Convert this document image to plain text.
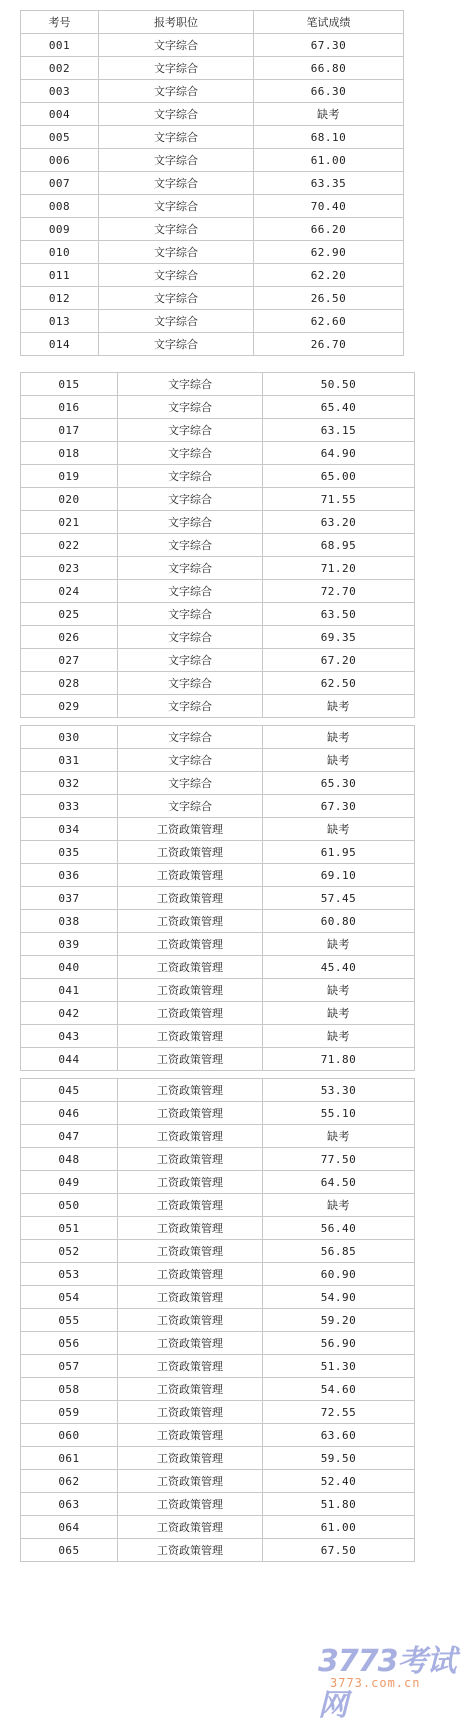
考号	报考职位	笔试成绩
001	文字综合	67.30
002	文字综合	66.80
003	文字综合	66.30
004	文字综合	缺考
005	文字综合	68.10
006	文字综合	61.00
007	文字综合	63.35
008	文字综合	70.40
009	文字综合	66.20
010	文字综合	62.90
011	文字综合	62.20
012	文字综合	26.50
013	文字综合	62.60
014	文字综合	26.70
015	文字综合	50.50
016	文字综合	65.40
017	文字综合	63.15
018	文字综合	64.90
019	文字综合	65.00
020	文字综合	71.55
021	文字综合	63.20
022	文字综合	68.95
023	文字综合	71.20
024	文字综合	72.70
025	文字综合	63.50
026	文字综合	69.35
027	文字综合	67.20
028	文字综合	62.50
029	文字综合	缺考
030	文字综合	缺考
031	文字综合	缺考
032	文字综合	65.30
033	文字综合	67.30
034	工资政策管理	缺考
035	工资政策管理	61.95
036	工资政策管理	69.10
037	工资政策管理	57.45
038	工资政策管理	60.80
039	工资政策管理	缺考
040	工资政策管理	45.40
041	工资政策管理	缺考
042	工资政策管理	缺考
043	工资政策管理	缺考
044	工资政策管理	71.80
045	工资政策管理	53.30
046	工资政策管理	55.10
047	工资政策管理	缺考
048	工资政策管理	77.50
049	工资政策管理	64.50
050	工资政策管理	缺考
051	工资政策管理	56.40
052	工资政策管理	56.85
053	工资政策管理	60.90
054	工资政策管理	54.90
055	工资政策管理	59.20
056	工资政策管理	56.90
057	工资政策管理	51.30
058	工资政策管理	54.60
059	工资政策管理	72.55
060	工资政策管理	63.60
061	工资政策管理	59.50
062	工资政策管理	52.40
063	工资政策管理	51.80
064	工资政策管理	61.00
065	工资政策管理	67.50
3773考试网
3773.com.cn
